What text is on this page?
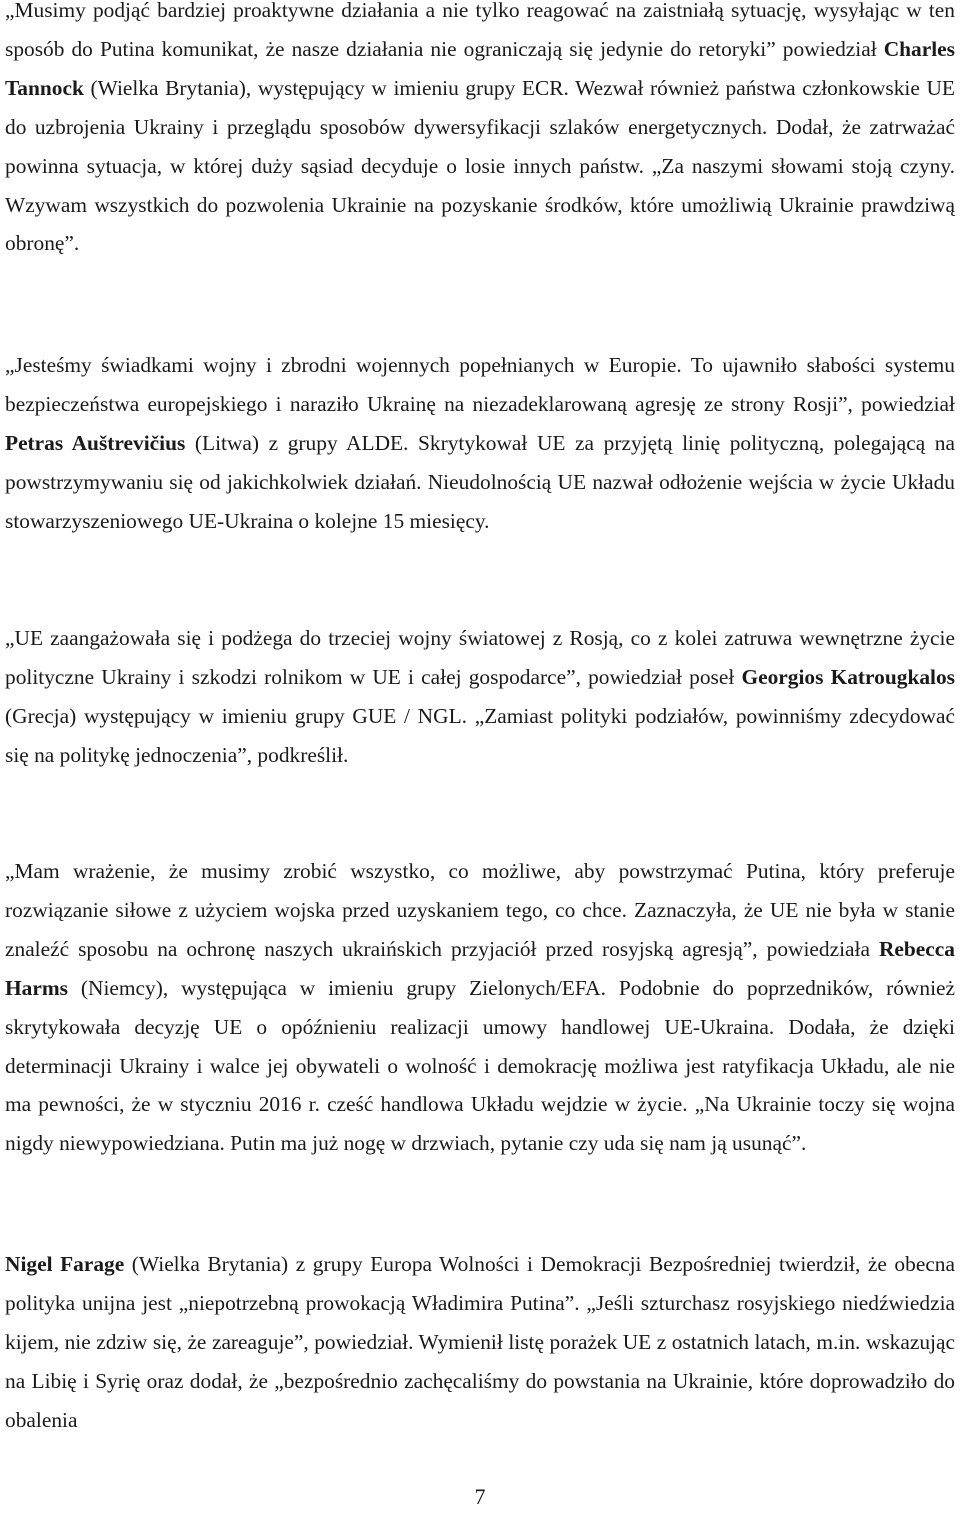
„Musimy podjąć bardziej proaktywne działania a nie tylko reagować na zaistniałą sytuację, wysyłając w ten sposób do Putina komunikat, że nasze działania nie ograniczają się jedynie do retoryki” powiedział Charles Tannock (Wielka Brytania), występujący w imieniu grupy ECR. Wezwał również państwa członkowskie UE do uzbrojenia Ukrainy i przeglądu sposobów dywersyfikacji szlaków energetycznych. Dodał, że zatrważać powinna sytuacja, w której duży sąsiad decyduje o losie innych państw. „Za naszymi słowami stoją czyny. Wzywam wszystkich do pozwolenia Ukrainie na pozyskanie środków, które umożliwią Ukrainie prawdziwą obronę”.

„Jesteśmy świadkami wojny i zbrodni wojennych popełnianych w Europie. To ujawniło słabości systemu bezpieczeństwa europejskiego i naraziło Ukrainę na niezadeklarowaną agresję ze strony Rosji”, powiedział Petras Auštrevičius (Litwa) z grupy ALDE. Skrytykował UE za przyjętą linię polityczną, polegającą na powstrzymywaniu się od jakichkolwiek działań. Nieudolnością UE nazwał odłożenie wejścia w życie Układu stowarzyszeniowego UE-Ukraina o kolejne 15 miesięcy.

„UE zaangażowała się i podżega do trzeciej wojny światowej z Rosją, co z kolei zatruwa wewnętrzne życie polityczne Ukrainy i szkodzi rolnikom w UE i całej gospodarce”, powiedział poseł Georgios Katrougkalos (Grecja) występujący w imieniu grupy GUE / NGL. „Zamiast polityki podziałów, powinniśmy zdecydować się na politykę jednoczenia”, podkreślił.

„Mam wrażenie, że musimy zrobić wszystko, co możliwe, aby powstrzymać Putina, który preferuje rozwiązanie siłowe z użyciem wojska przed uzyskaniem tego, co chce. Zaznaczyła, że UE nie była w stanie znaleźć sposobu na ochronę naszych ukraińskich przyjaciół przed rosyjską agresją”, powiedziała Rebecca Harms (Niemcy), występująca w imieniu grupy Zielonych/EFA. Podobnie do poprzedników, również skrytykowała decyzję UE o opóźnieniu realizacji umowy handlowej UE-Ukraina. Dodała, że dzięki determinacji Ukrainy i walce jej obywateli o wolność i demokrację możliwa jest ratyfikacja Układu, ale nie ma pewności, że w styczniu 2016 r. cześć handlowa Układu wejdzie w życie. „Na Ukrainie toczy się wojna nigdy niewypowiedziana. Putin ma już nogę w drzwiach, pytanie czy uda się nam ją usunąć”.

Nigel Farage (Wielka Brytania) z grupy Europa Wolności i Demokracji Bezpośredniej twierdził, że obecna polityka unijna jest „niepotrzebną prowokacją Władimira Putina”. „Jeśli szturchasz rosyjskiego niedźwiedzia kijem, nie zdziw się, że zareaguje”, powiedział. Wymienił listę porażek UE z ostatnich latach, m.in. wskazując na Libię i Syrię oraz dodał, że „bezpośrednio zachęcaliśmy do powstania na Ukrainie, które doprowadziło do obalenia

7
